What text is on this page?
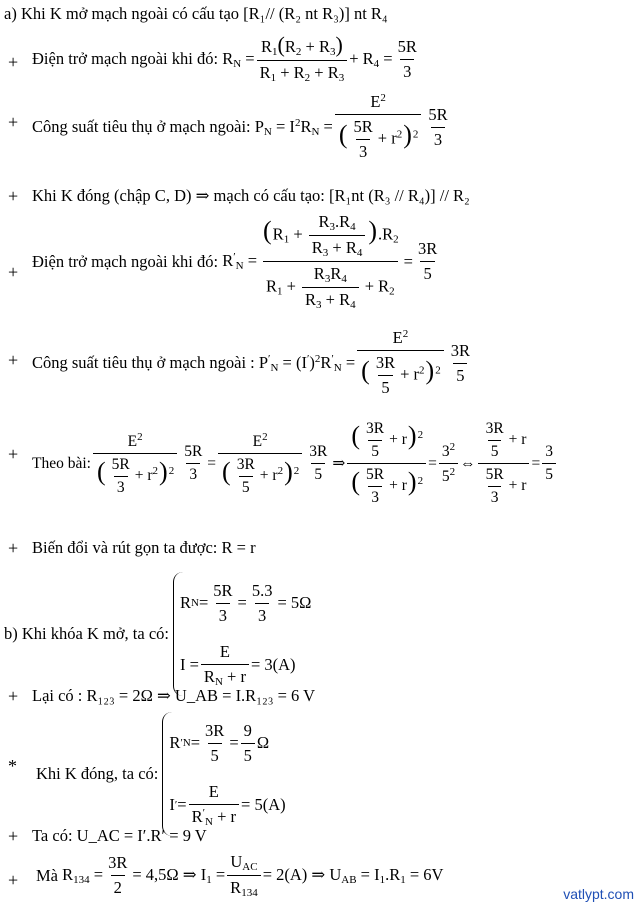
a) Khi K mở mạch ngoài có cấu tạo [R₁// (R₂ nt R₃)] nt R₄
+ Điện trở mạch ngoài khi đó:
$R_N = \frac{R_1(R_2 + R_3)}{R_1 + R_2 + R_3} + R_4 = \frac{5R}{3}$
+ Công suất tiêu thụ ở mạch ngoài:
$P_N = I^2R_N = \frac{E^2}{( \frac{5R}{3} + r^2)^2} \frac{5R}{3}$
+ Khi K đóng (chập C, D) ⇒ mạch có cấu tạo: [R₁nt (R₃ // R₄)] // R₂
+
Điện trở mạch ngoài khi đó:
$R'_N = \frac{(R_1 + \frac{R_3.R_4}{R_3 + R_4} ).R_2}{R_1 + \frac{R_3R_4}{R_3 + R_4} + R_2} = \frac{3R}{5}$
+ Công suất tiêu thụ ở mạch ngoài :
$P'_N = (I')^2R'_N = \frac{E^2}{( \frac{3R}{5} + r^2)^2} \frac{3R}{5}$
+ Theo bài: $\frac{E^2}{( \frac{5R}{3} + r^2)^2} \frac{5R}{3} = \frac{E^2}{( \frac{3R}{5} + r^2)^2} \frac{3R}{5}$ ⇒ $\frac{( \frac{3R}{5} + r)^2}{( \frac{5R}{3} + r)^2} = \frac{3^2}{5^2}$ ⇔ $\frac{\frac{3R}{5} + r}{\frac{5R}{3} + r} = \frac{3}{5}$
+ Biến đổi và rút gọn ta được: R = r
b) Khi khóa K mở, ta có:
R $N = \frac{5R}{3} = \frac{5.3}{3} = 5\Omega$
$I = \frac{E}{R_N + r} = 3(A)$
+ Lại có : R₁₂₃ = 2Ω ⇒ U_AB = I.R₁₂₃ = 6 V
*	Khi K đóng, ta có:
R ′ $N = \frac{3R}{5} = \frac{9}{5}$ Ω
I ′ = $\frac{E}{R'_N + r} = 5(A)$
+ Ta có: U_AC = I′.R′ = 9 V
+	Mà
$R_{134} = \frac{3R}{2} = 4,5\Omega$ ⇒ $I_1 = \frac{U_{AC}}{R_{134}} = 2(A)$ ⇒ $U_{AB} = I_1.R_1 = 6V$
vatlypt.com
